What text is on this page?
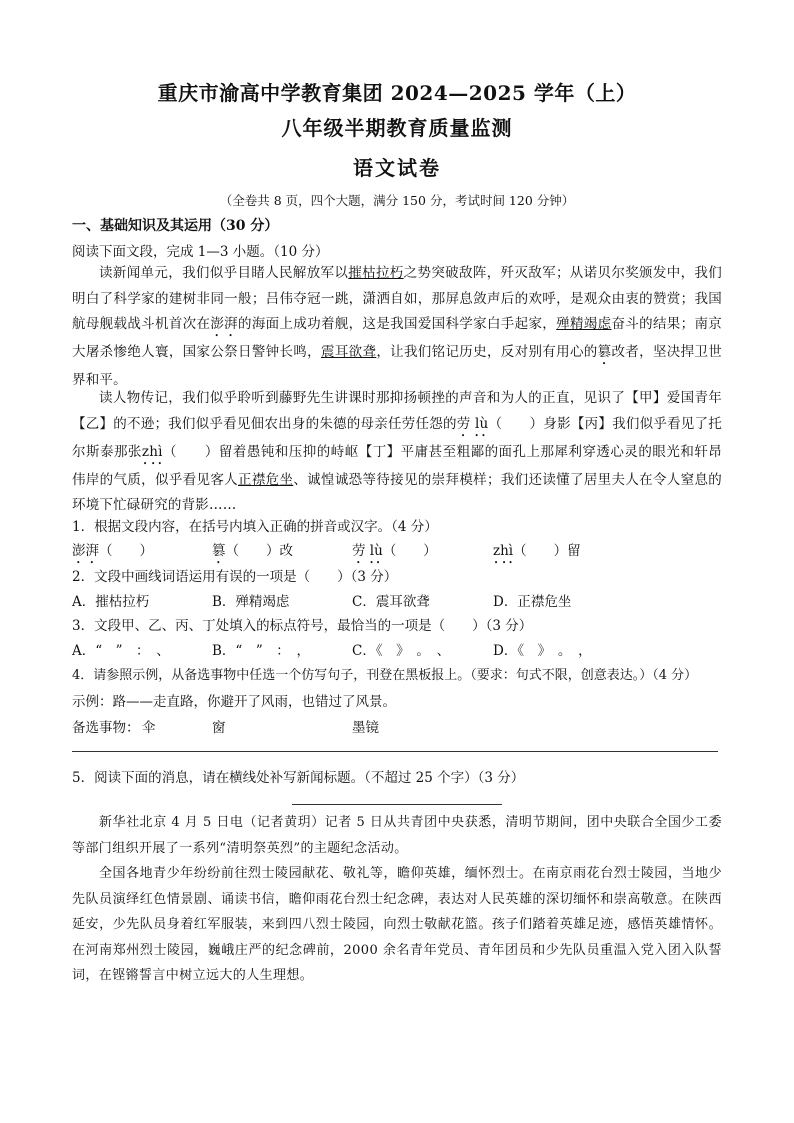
重庆市渝高中学教育集团 2024—2025 学年（上）
八年级半期教育质量监测
语文试卷
（全卷共 8 页，四个大题，满分 150 分，考试时间 120 分钟）
一、基础知识及其运用（30 分）
阅读下面文段，完成 1—3 小题。（10 分）
读新闻单元，我们似乎目睹人民解放军以摧枯拉朽之势突破敌阵，歼灭敌军；从诺贝尔奖颁发中，我们明白了科学家的建树非同一般；吕伟夺冠一跳，潇洒自如，那屏息敛声后的欢呼，是观众由衷的赞赏；我国航母舰载战斗机首次在澎湃的海面上成功着舰，这是我国爱国科学家白手起家，殚精竭虑奋斗的结果；南京大屠杀惨绝人寰，国家公祭日警钟长鸣，震耳欲聋，让我们铭记历史，反对别有用心的篡改者，坚决捍卫世界和平。
读人物传记，我们似乎聆听到藤野先生讲课时那抑扬顿挫的声音和为人的正直，见识了【甲】爱国青年【乙】的不逊；我们似乎看见佃农出身的朱德的母亲任劳任怨的劳 lù（　　）身影【丙】我们似乎看见了托尔斯泰那张zhì（　　）留着愚钝和压抑的峙岖【丁】平庸甚至粗鄙的面孔上那犀利穿透心灵的眼光和轩昂伟岸的气质，似乎看见客人正襟危坐、诚惶诚恐等待接见的崇拜模样；我们还读懂了居里夫人在令人窒息的环境下忙碌研究的背影……
1．根据文段内容，在括号内填入正确的拼音或汉字。（4 分）
澎湃（　　）	篡（　　）改	劳 lù（　　）	zhì（　　）留
2．文段中画线词语运用有误的一项是（　　）（3 分）
A．摧枯拉朽	B．殚精竭虑	C．震耳欲聋	D．正襟危坐
3．文段甲、乙、丙、丁处填入的标点符号，最恰当的一项是（　　）（3 分）
A．“　”　：　、	B．“　”　：　，	C．《　》　。　、	D．《　》　。　，
4．请参照示例，从备选事物中任选一个仿写句子，刊登在黑板报上。（要求：句式不限，创意表达。）（4 分）
示例：路——走直路，你避开了风雨，也错过了风景。
备选事物： 伞	窗	墨镜
5．阅读下面的消息，请在横线处补写新闻标题。（不超过 25 个字）（3 分）
新华社北京 4 月 5 日电（记者黄玥）记者 5 日从共青团中央获悉，清明节期间，团中央联合全国少工委等部门组织开展了一系列“清明祭英烈”的主题纪念活动。
全国各地青少年纷纷前往烈士陵园献花、敬礼等，瞻仰英雄，缅怀烈士。在南京雨花台烈士陵园，当地少先队员演绎红色情景剧、诵读书信，瞻仰雨花台烈士纪念碑，表达对人民英雄的深切缅怀和崇高敬意。在陕西延安，少先队员身着红军服装，来到四八烈士陵园，向烈士敬献花篮。孩子们踏着英雄足迹，感悟英雄情怀。在河南郑州烈士陵园，巍峨庄严的纪念碑前，2000 余名青年党员、青年团员和少先队员重温入党入团入队誓词，在铿锵誓言中树立远大的人生理想。
